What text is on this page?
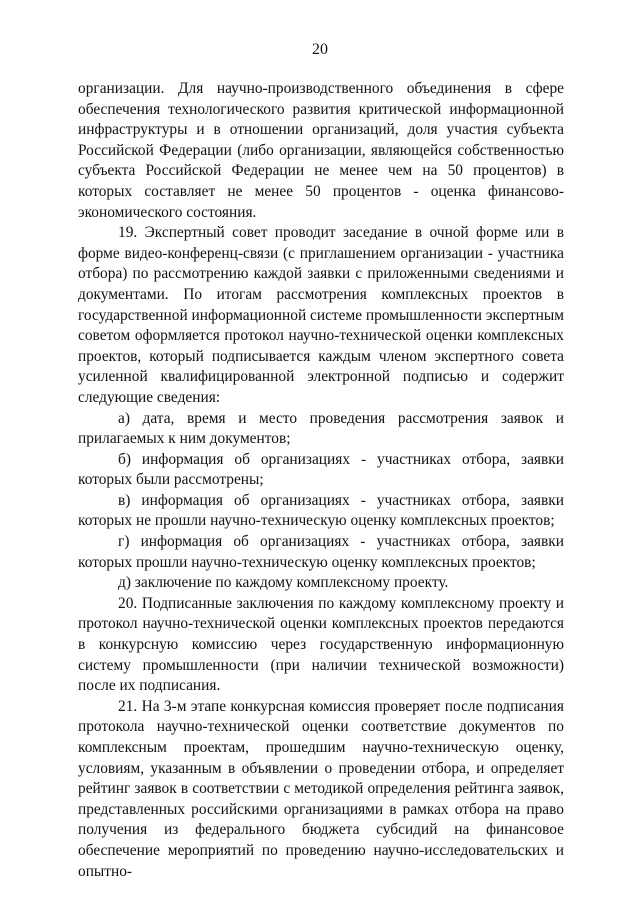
20

организации. Для научно-производственного объединения в сфере обеспечения технологического развития критической информационной инфраструктуры и в отношении организаций, доля участия субъекта Российской Федерации (либо организации, являющейся собственностью субъекта Российской Федерации не менее чем на 50 процентов) в которых составляет не менее 50 процентов - оценка финансово-экономического состояния.

19. Экспертный совет проводит заседание в очной форме или в форме видео-конференц-связи (с приглашением организации - участника отбора) по рассмотрению каждой заявки с приложенными сведениями и документами. По итогам рассмотрения комплексных проектов в государственной информационной системе промышленности экспертным советом оформляется протокол научно-технической оценки комплексных проектов, который подписывается каждым членом экспертного совета усиленной квалифицированной электронной подписью и содержит следующие сведения:

а) дата, время и место проведения рассмотрения заявок и прилагаемых к ним документов;

б) информация об организациях - участниках отбора, заявки которых были рассмотрены;

в) информация об организациях - участниках отбора, заявки которых не прошли научно-техническую оценку комплексных проектов;

г) информация об организациях - участниках отбора, заявки которых прошли научно-техническую оценку комплексных проектов;

д) заключение по каждому комплексному проекту.

20. Подписанные заключения по каждому комплексному проекту и протокол научно-технической оценки комплексных проектов передаются в конкурсную комиссию через государственную информационную систему промышленности (при наличии технической возможности) после их подписания.

21. На 3-м этапе конкурсная комиссия проверяет после подписания протокола научно-технической оценки соответствие документов по комплексным проектам, прошедшим научно-техническую оценку, условиям, указанным в объявлении о проведении отбора, и определяет рейтинг заявок в соответствии с методикой определения рейтинга заявок, представленных российскими организациями в рамках отбора на право получения из федерального бюджета субсидий на финансовое обеспечение мероприятий по проведению научно-исследовательских и опытно-
